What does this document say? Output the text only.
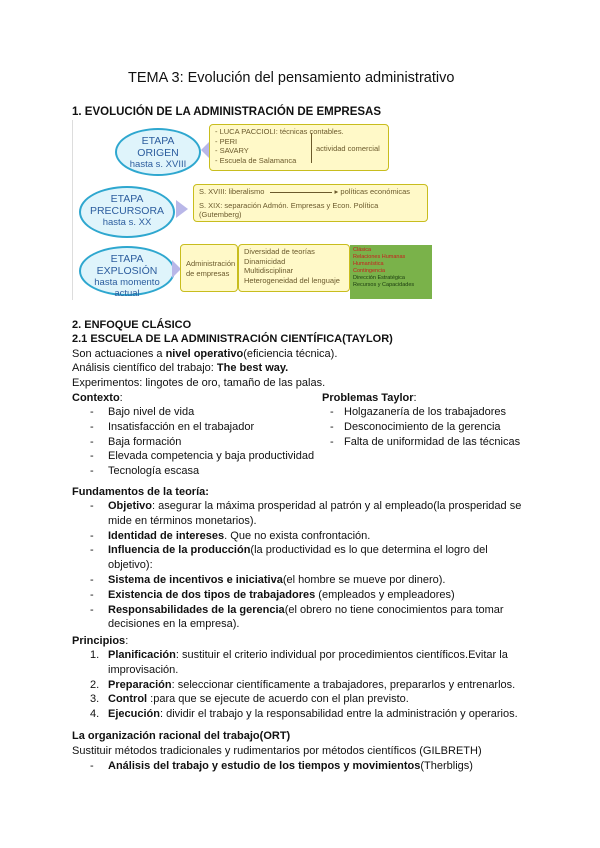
TEMA 3: Evolución del pensamiento administrativo
1. EVOLUCIÓN DE LA ADMINISTRACIÓN DE EMPRESAS
ETAPA
ORIGEN
hasta s. XVIII
- LUCA PACCIOLI: técnicas contables.
- PERI
- SAVARY
- Escuela de Salamanca
actividad comercial
ETAPA
PRECURSORA
hasta s. XX
S. XVIII: liberalismo	▸ políticas económicas
S. XIX: separación Admón. Empresas y Econ. Política
(Gutemberg)
ETAPA
EXPLOSIÓN
hasta momento actual
Administración de empresas
Diversidad de teorías
Dinamicidad
Multidisciplinar
Heterogeneidad del lenguaje
Clásica
Relaciones Humanas
Humanística
Contingencia
Dirección Estratégica
Recursos y Capacidades
2. ENFOQUE CLÁSICO
2.1 ESCUELA DE LA ADMINISTRACIÓN CIENTÍFICA(TAYLOR)
Son actuaciones a nivel operativo(eficiencia técnica).
Análisis científico del trabajo: The best way.
Experimentos: lingotes de oro, tamaño de las palas.
Contexto:
- Bajo nivel de vida
- Insatisfacción en el trabajador
- Baja formación
- Elevada competencia y baja productividad
- Tecnología escasa
Problemas Taylor:
- Holgazanería de los trabajadores
- Desconocimiento de la gerencia
- Falta de uniformidad de las técnicas
Fundamentos de la teoría:
- Objetivo: asegurar la máxima prosperidad al patrón y al empleado(la prosperidad se mide en términos monetarios).
- Identidad de intereses. Que no exista confrontación.
- Influencia de la producción(la productividad es lo que determina el logro del objetivo):
- Sistema de incentivos e iniciativa(el hombre se mueve por dinero).
- Existencia de dos tipos de trabajadores (empleados y empleadores)
- Responsabilidades de la gerencia(el obrero no tiene conocimientos para tomar decisiones en la empresa).
Principios:
1. Planificación: sustituir el criterio individual por procedimientos científicos.Evitar la improvisación.
2. Preparación: seleccionar científicamente a trabajadores, prepararlos y entrenarlos.
3. Control :para que se ejecute de acuerdo con el plan previsto.
4. Ejecución: dividir el trabajo y la responsabilidad entre la administración y operarios.
La organización racional del trabajo(ORT)
Sustituir métodos tradicionales y rudimentarios por métodos científicos (GILBRETH)
- Análisis del trabajo y estudio de los tiempos y movimientos(Therbligs)
